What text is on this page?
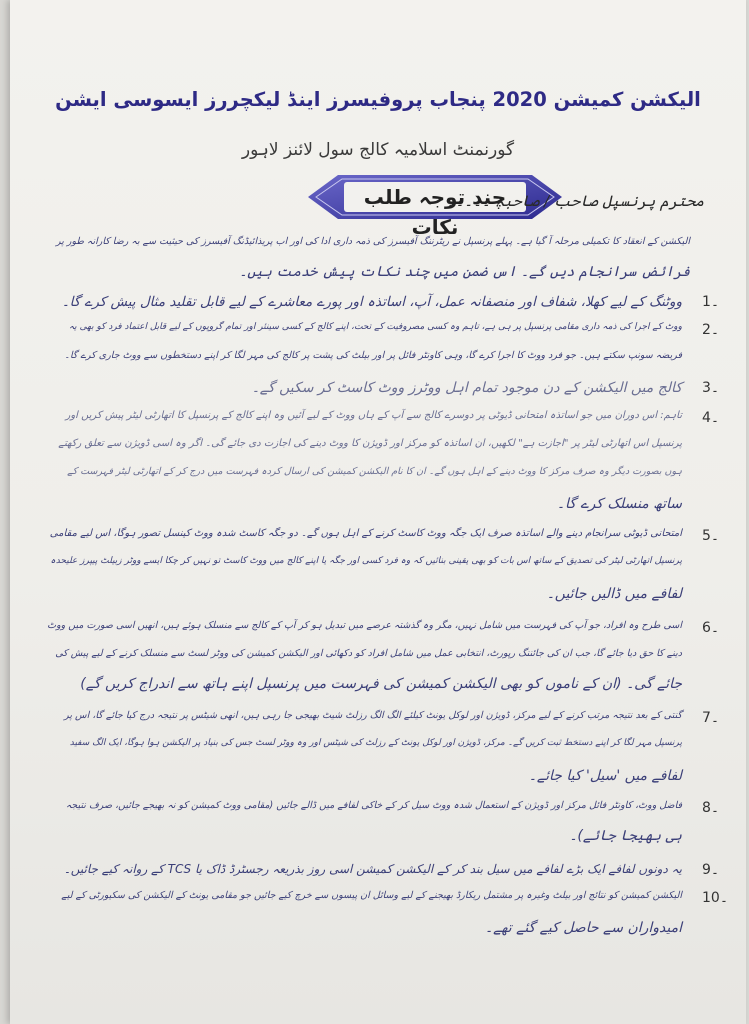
الیکشن کمیشن 2020 پنجاب پروفیسرز اینڈ لیکچررز ایسوسی ایشن
گورنمنٹ اسلامیہ کالج سول لائنز لاہور
چند توجہ طلب نکات
محترم پرنسپل صاحب / صاحبہ ۔۔۔۔۔
الیکشن کے انعقاد کا تکمیلی مرحلہ آ گیا ہے۔ پہلے پرنسپل نے ریٹرننگ آفیسرز کی ذمہ داری ادا کی اور اب پریذائیڈنگ آفیسرز کی حیثیت سے بہ رضا کارانہ طور پر
فرائض سرانجام دیں گے۔ اس ضمن میں چند نکات پیش خدمت ہیں۔
۔1
ووٹنگ کے لیے کھلا، شفاف اور منصفانہ عمل، آپ، اساتذہ اور پورے معاشرے کے لیے قابل تقلید مثال پیش کرے گا۔
۔2
ووٹ کے اجرا کی ذمہ داری مقامی پرنسپل پر ہی ہے، تاہم وہ کسی مصروفیت کے تحت، اپنے کالج کے کسی سینئر اور تمام گروپوں کے لیے قابل اعتماد فرد کو بھی یہ
فریضہ سونپ سکتے ہیں۔ جو فرد ووٹ کا اجرا کرے گا، وہی کاونٹر فائل پر اور بیلٹ کی پشت پر کالج کی مہر لگا کر اپنے دستخطوں سے ووٹ جاری کرے گا۔
۔3
کالج میں الیکشن کے دن موجود تمام اہل ووٹرز ووٹ کاسٹ کر سکیں گے۔
۔4
تاہم: اس دوران میں جو اساتذہ امتحانی ڈیوٹی پر دوسرے کالج سے آپ کے ہاں ووٹ کے لیے آئیں وہ اپنے کالج کے پرنسپل کا اتھارٹی لیٹر پیش کریں اور
پرنسپل اس اتھارٹی لیٹر پر "اجازت ہے" لکھیں، ان اساتذہ کو مرکز اور ڈویژن کا ووٹ دینے کی اجازت دی جائے گی۔ اگر وہ اسی ڈویژن سے تعلق رکھتے
ہوں بصورت دیگر وہ صرف مرکز کا ووٹ دینے کے اہل ہوں گے۔ ان کا نام الیکشن کمیشن کی ارسال کردہ فہرست میں درج کر کے اتھارٹی لیٹر فہرست کے
ساتھ منسلک کرے گا۔
۔5
امتحانی ڈیوٹی سرانجام دینے والے اساتذہ صرف ایک جگہ ووٹ کاسٹ کرنے کے اہل ہوں گے۔ دو جگہ کاسٹ شدہ ووٹ کینسل تصور ہوگا، اس لیے مقامی
پرنسپل اتھارٹی لیٹر کی تصدیق کے ساتھ اس بات کو بھی یقینی بنائیں کہ وہ فرد کسی اور جگہ یا اپنے کالج میں ووٹ کاسٹ تو نہیں کر چکا ایسے ووٹر زبیلٹ پیپرز علیحدہ
لفافے میں ڈالیں جائیں۔
۔6
اسی طرح وہ افراد، جو آپ کی فہرست میں شامل نہیں، مگر وہ گذشتہ عرصے میں تبدیل ہو کر آپ کے کالج سے منسلک ہوئے ہیں، انھیں اسی صورت میں ووٹ
دینے کا حق دیا جائے گا، جب ان کی جائننگ رپورٹ، انتخابی عمل میں شامل افراد کو دکھائی اور الیکشن کمیشن کی ووٹر لسٹ سے منسلک کرنے کے لیے پیش کی
جائے گی۔ (ان کے ناموں کو بھی الیکشن کمیشن کی فہرست میں پرنسپل اپنے ہاتھ سے اندراج کریں گے)
۔7
گنتی کے بعد نتیجہ مرتب کرنے کے لیے مرکز، ڈویژن اور لوکل یونٹ کیلئے الگ الگ رزلٹ شیٹ بھیجی جا رہی ہیں، انھی شیٹس پر نتیجہ درج کیا جائے گا، اس پر
پرنسپل مہر لگا کر اپنے دستخط ثبت کریں گے۔ مرکز، ڈویژن اور لوکل یونٹ کے رزلٹ کی شیٹس اور وہ ووٹر لسٹ جس کی بنیاد پر الیکشن ہوا ہوگا، ایک الگ سفید
لفافے میں 'سیل' کیا جائے۔
۔8
فاضل ووٹ، کاونٹر فائل مرکز اور ڈویژن کے استعمال شدہ ووٹ سیل کر کے خاکی لفافے میں ڈالے جائیں (مقامی ووٹ کمیشن کو نہ بھیجے جائیں، صرف نتیجہ
ہی بھیجا جائے)۔
۔9
یہ دونوں لفافے ایک بڑے لفافے میں سیل بند کر کے الیکشن کمیشن اسی روز بذریعہ رجسٹرڈ ڈاک یا TCS کے روانہ کیے جائیں۔
۔10
الیکشن کمیشن کو نتائج اور بیلٹ وغیرہ پر مشتمل ریکارڈ بھیجنے کے لیے وسائل ان پیسوں سے خرچ کیے جائیں جو مقامی یونٹ کے الیکشن کی سکیورٹی کے لیے
امیدواران سے حاصل کیے گئے تھے۔
